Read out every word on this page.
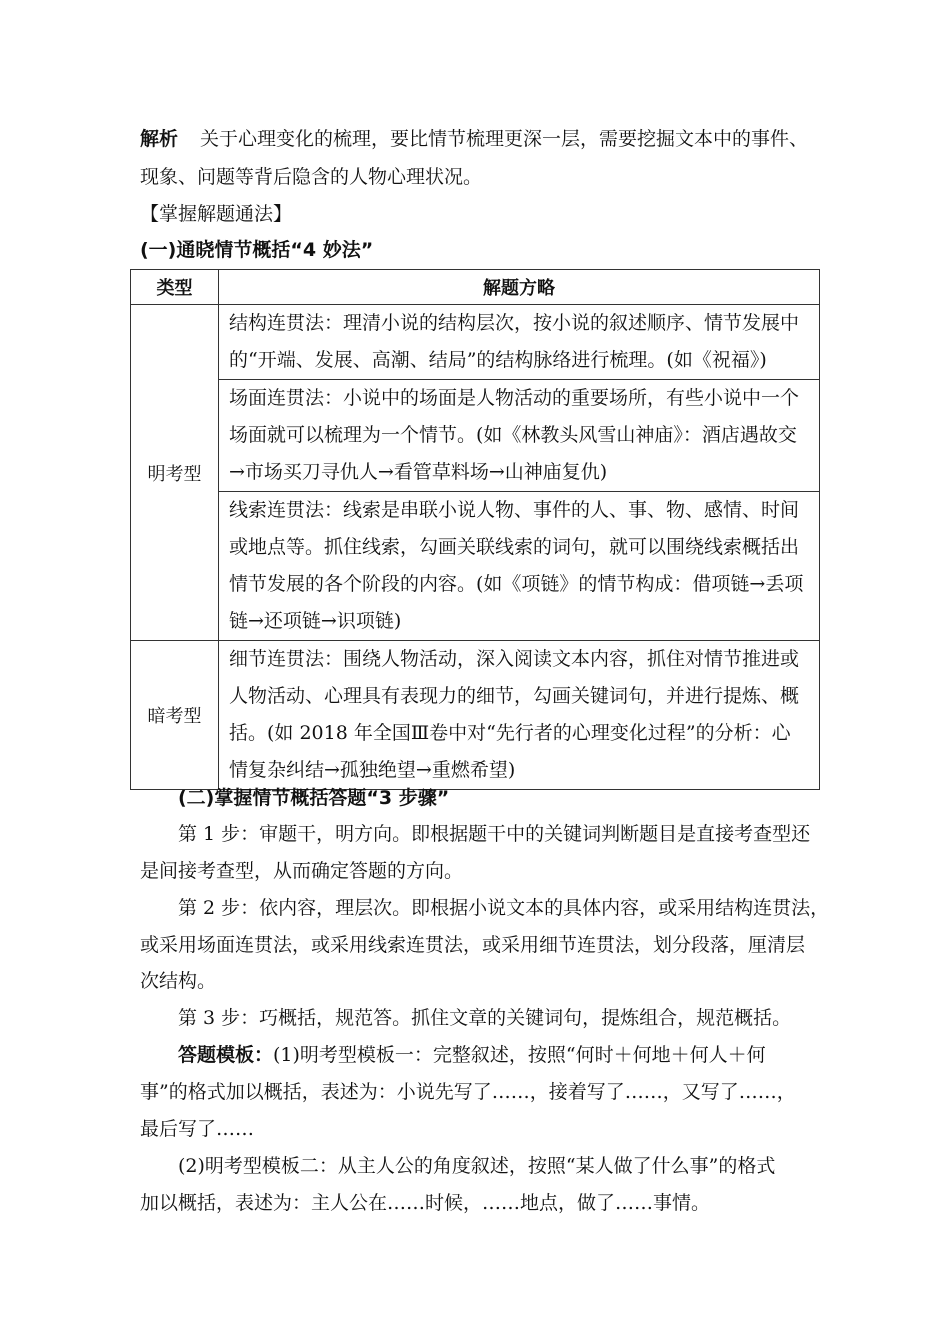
解析 关于心理变化的梳理，要比情节梳理更深一层，需要挖掘文本中的事件、
现象、问题等背后隐含的人物心理状况。
【掌握解题通法】
(一)通晓情节概括“4 妙法”
类型	解题方略
明考型	结构连贯法：理清小说的结构层次，按小说的叙述顺序、情节发展中
的“开端、发展、高潮、结局”的结构脉络进行梳理。(如《祝福》)

	场面连贯法：小说中的场面是人物活动的重要场所，有些小说中一个
场面就可以梳理为一个情节。(如《林教头风雪山神庙》：酒店遇故交
→市场买刀寻仇人→看管草料场→山神庙复仇)

	线索连贯法：线索是串联小说人物、事件的人、事、物、感情、时间
或地点等。抓住线索，勾画关联线索的词句，就可以围绕线索概括出
情节发展的各个阶段的内容。(如《项链》的情节构成：借项链→丢项
链→还项链→识项链)

暗考型	细节连贯法：围绕人物活动，深入阅读文本内容，抓住对情节推进或
人物活动、心理具有表现力的细节，勾画关键词句，并进行提炼、概
括。(如 2018 年全国Ⅲ卷中对“先行者的心理变化过程”的分析：心
情复杂纠结→孤独绝望→重燃希望)
(二)掌握情节概括答题“3 步骤”
第 1 步：审题干，明方向。即根据题干中的关键词判断题目是直接考查型还
是间接考查型，从而确定答题的方向。
第 2 步：依内容，理层次。即根据小说文本的具体内容，或采用结构连贯法，
或采用场面连贯法，或采用线索连贯法，或采用细节连贯法，划分段落，厘清层
次结构。
第 3 步：巧概括，规范答。抓住文章的关键词句，提炼组合，规范概括。
答题模板：(1)明考型模板一：完整叙述，按照“何时＋何地＋何人＋何
事”的格式加以概括，表述为：小说先写了……，接着写了……，又写了……，
最后写了……
(2)明考型模板二：从主人公的角度叙述，按照“某人做了什么事”的格式
加以概括，表述为：主人公在……时候，……地点，做了……事情。
